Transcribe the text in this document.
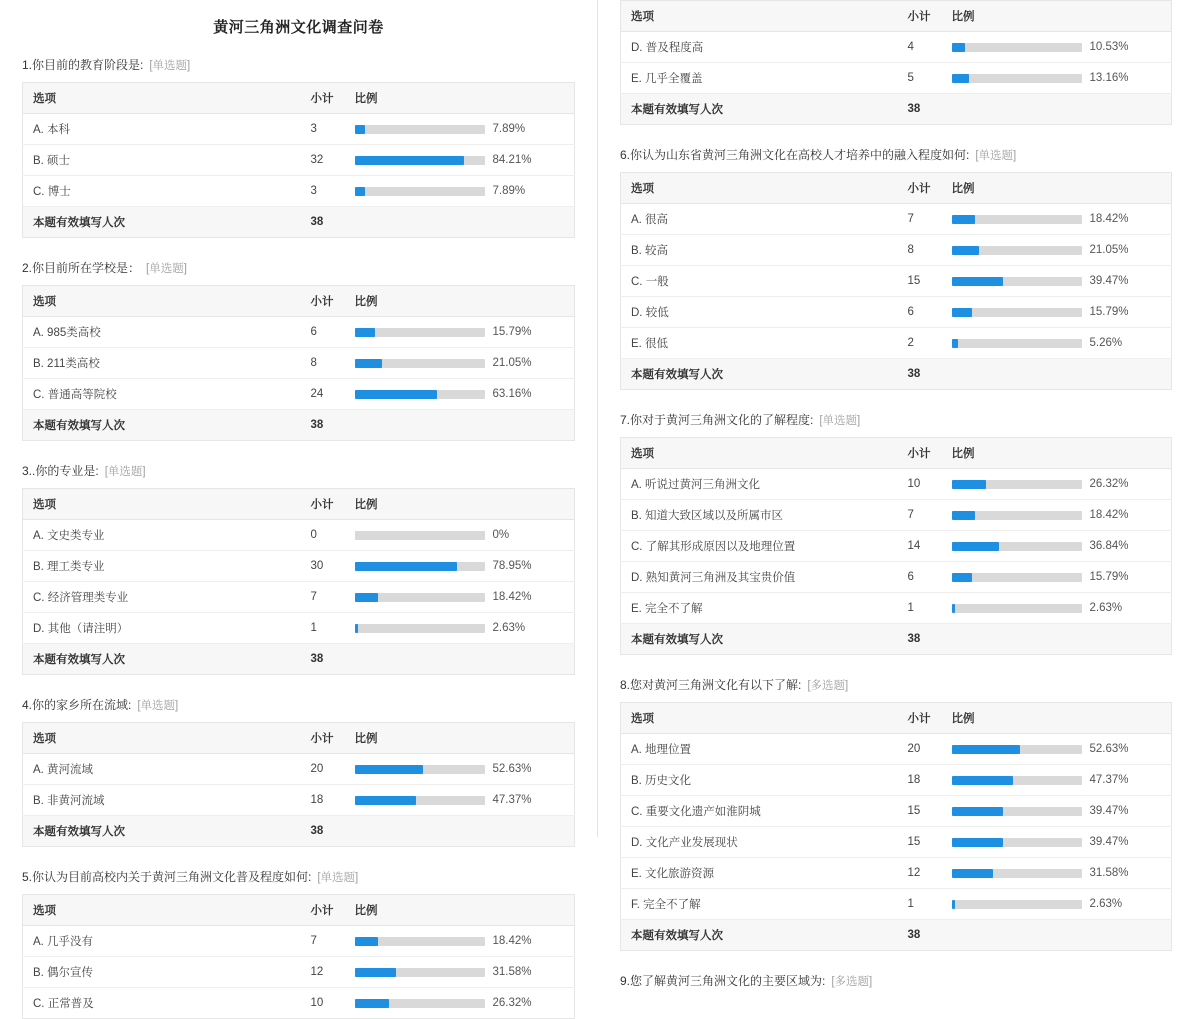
黄河三角洲文化调查问卷
1.你目前的教育阶段是: [单选题]
选项	小计	比例
A. 本科	3	7.89%

B. 硕士	32	84.21%

C. 博士	3	7.89%

本题有效填写人次	38	
2.你目前所在学校是： [单选题]
选项	小计	比例
A. 985类高校	6	15.79%

B. 211类高校	8	21.05%

C. 普通高等院校	24	63.16%

本题有效填写人次	38	
3..你的专业是: [单选题]
选项	小计	比例
A. 文史类专业	0	0%

B. 理工类专业	30	78.95%

C. 经济管理类专业	7	18.42%

D. 其他（请注明）	1	2.63%

本题有效填写人次	38	
4.你的家乡所在流域: [单选题]
选项	小计	比例
A. 黄河流域	20	52.63%

B. 非黄河流域	18	47.37%

本题有效填写人次	38	
5.你认为目前高校内关于黄河三角洲文化普及程度如何: [单选题]
选项	小计	比例
A. 几乎没有	7	18.42%

B. 偶尔宣传	12	31.58%

C. 正常普及	10	26.32%
选项	小计	比例
D. 普及程度高	4	10.53%

E. 几乎全覆盖	5	13.16%

本题有效填写人次	38	
6.你认为山东省黄河三角洲文化在高校人才培养中的融入程度如何: [单选题]
选项	小计	比例
A. 很高	7	18.42%

B. 较高	8	21.05%

C. 一般	15	39.47%

D. 较低	6	15.79%

E. 很低	2	5.26%

本题有效填写人次	38	
7.你对于黄河三角洲文化的了解程度: [单选题]
选项	小计	比例
A. 听说过黄河三角洲文化	10	26.32%

B. 知道大致区域以及所属市区	7	18.42%

C. 了解其形成原因以及地理位置	14	36.84%

D. 熟知黄河三角洲及其宝贵价值	6	15.79%

E. 完全不了解	1	2.63%

本题有效填写人次	38	
8.您对黄河三角洲文化有以下了解: [多选题]
选项	小计	比例
A. 地理位置	20	52.63%

B. 历史文化	18	47.37%

C. 重要文化遗产如淮阴城	15	39.47%

D. 文化产业发展现状	15	39.47%

E. 文化旅游资源	12	31.58%

F. 完全不了解	1	2.63%

本题有效填写人次	38	
9.您了解黄河三角洲文化的主要区域为: [多选题]
